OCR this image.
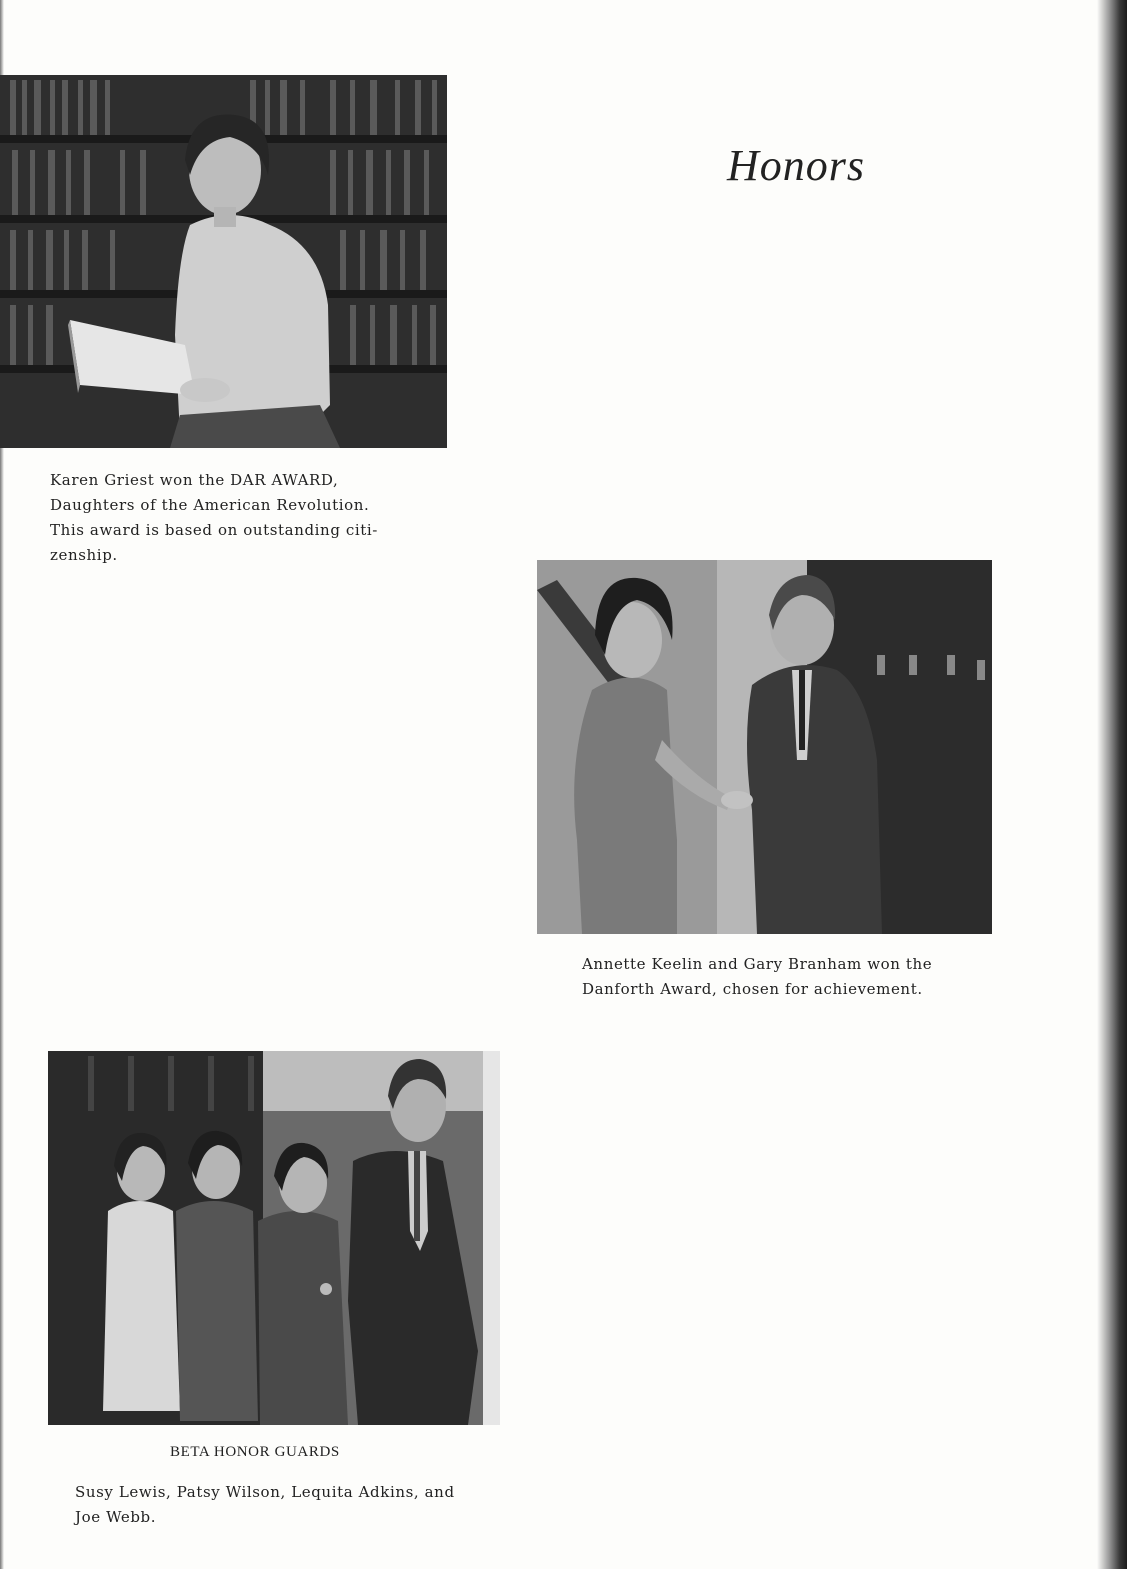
Honors
Karen Griest won the DAR AWARD,
Daughters of the American Revolution.
This award is based on outstanding citi-
zenship.
Annette Keelin and Gary Branham won the
Danforth Award, chosen for achievement.
BETA HONOR GUARDS
Susy Lewis, Patsy Wilson, Lequita Adkins, and
Joe Webb.
